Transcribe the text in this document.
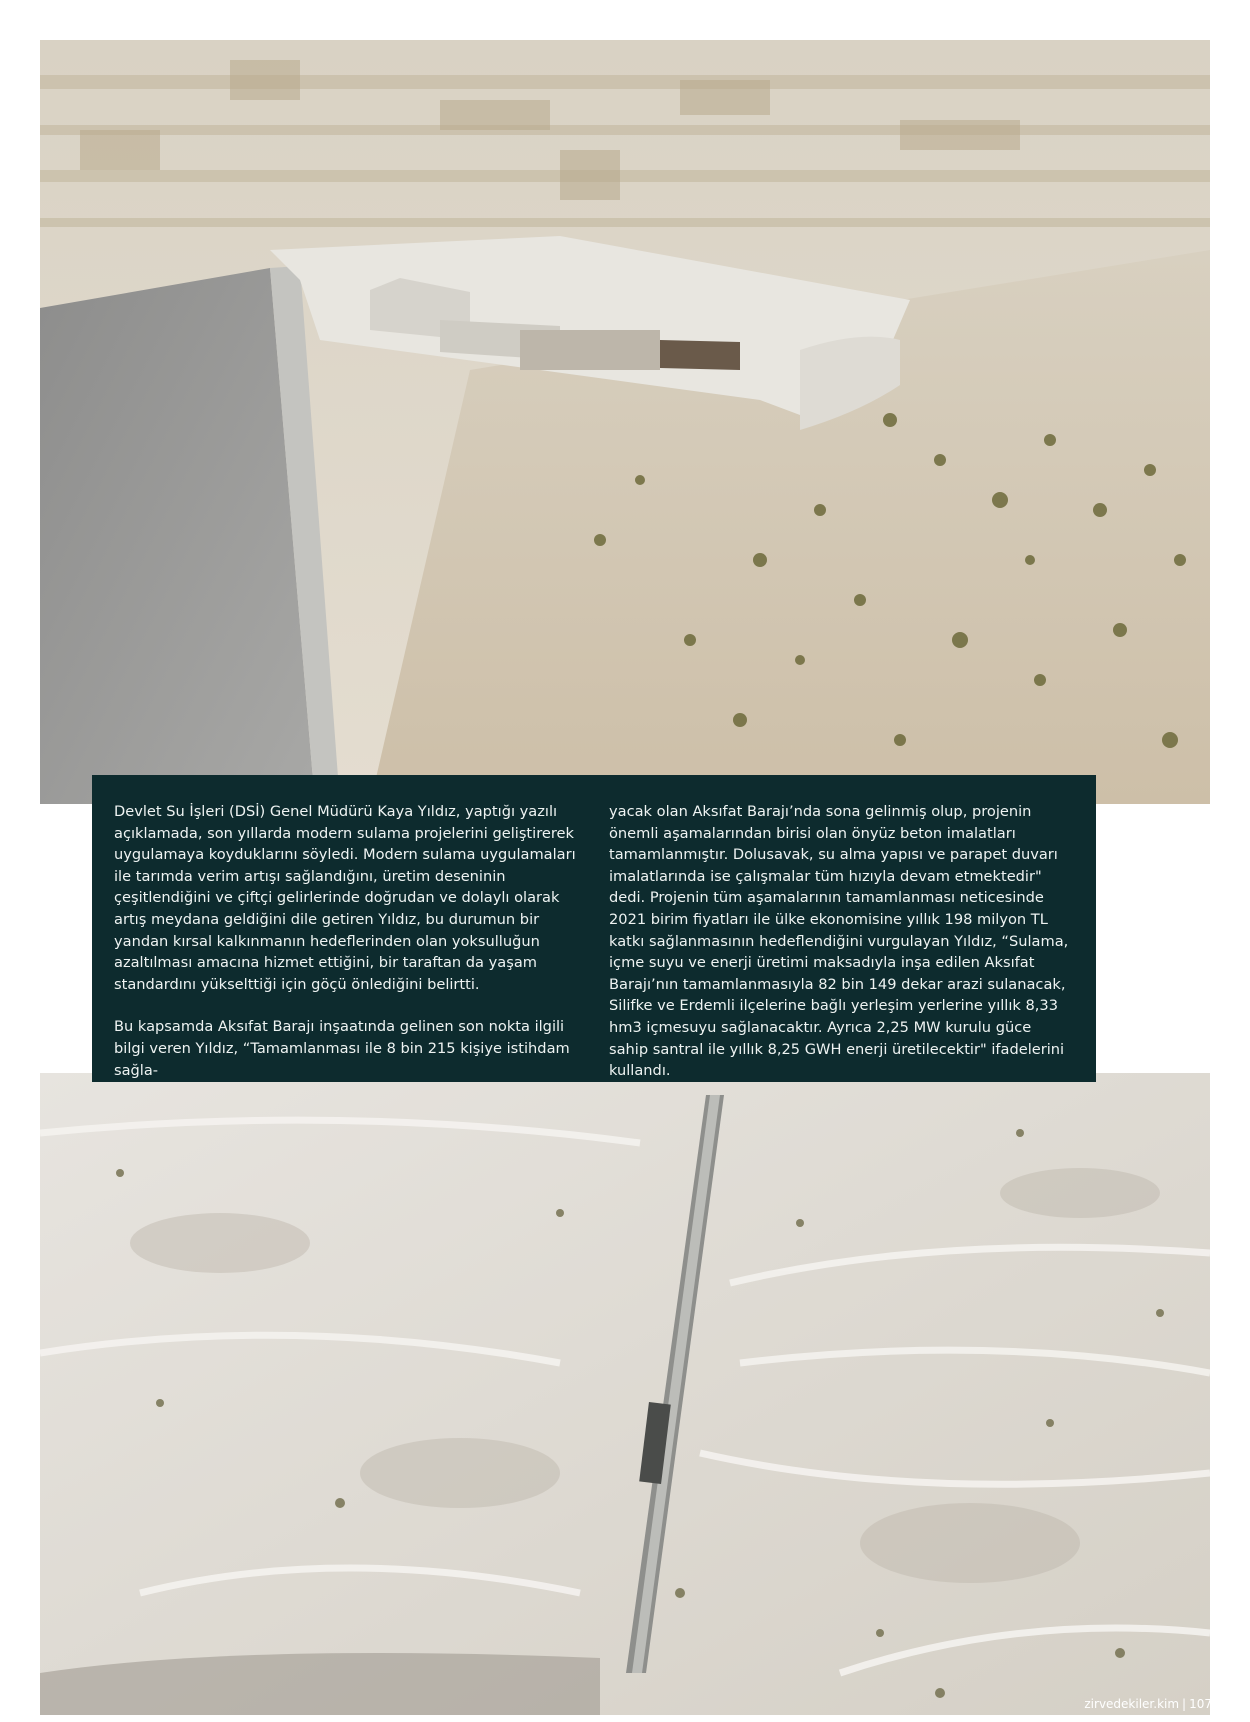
Devlet Su İşleri (DSİ) Genel Müdürü Kaya Yıldız, yaptığı yazılı açıklamada, son yıllarda modern sulama projelerini geliştirerek uygulamaya koyduklarını söyledi. Modern sulama uygulamaları ile tarımda verim artışı sağlandığını, üretim deseninin çeşitlendiğini ve çiftçi gelirlerinde doğrudan ve dolaylı olarak artış meydana geldiğini dile getiren Yıldız, bu durumun bir yandan kırsal kalkınmanın hedeflerinden olan yoksulluğun azaltılması amacına hizmet ettiğini, bir taraftan da yaşam standardını yükselttiği için göçü önlediğini belirtti.

Bu kapsamda Aksıfat Barajı inşaatında gelinen son nokta ilgili bilgi veren Yıldız, “Tamamlanması ile 8 bin 215 kişiye istihdam sağla-

yacak olan Aksıfat Barajı’nda sona gelinmiş olup, projenin önemli aşamalarından birisi olan önyüz beton imalatları tamamlanmıştır. Dolusavak, su alma yapısı ve parapet duvarı imalatlarında ise çalışmalar tüm hızıyla devam etmektedir" dedi. Projenin tüm aşamalarının tamamlanması neticesinde 2021 birim fiyatları ile ülke ekonomisine yıllık 198 milyon TL katkı sağlanmasının hedeflendiğini vurgulayan Yıldız, “Sulama, içme suyu ve enerji üretimi maksadıyla inşa edilen Aksıfat Barajı’nın tamamlanmasıyla 82 bin 149 dekar arazi sulanacak, Silifke ve Erdemli ilçelerine bağlı yerleşim yerlerine yıllık 8,33 hm3 içmesuyu sağlanacaktır. Ayrıca 2,25 MW kurulu güce sahip santral ile yıllık 8,25 GWH enerji üretilecektir" ifadelerini kullandı.

zirvedekiler.kim | 107
